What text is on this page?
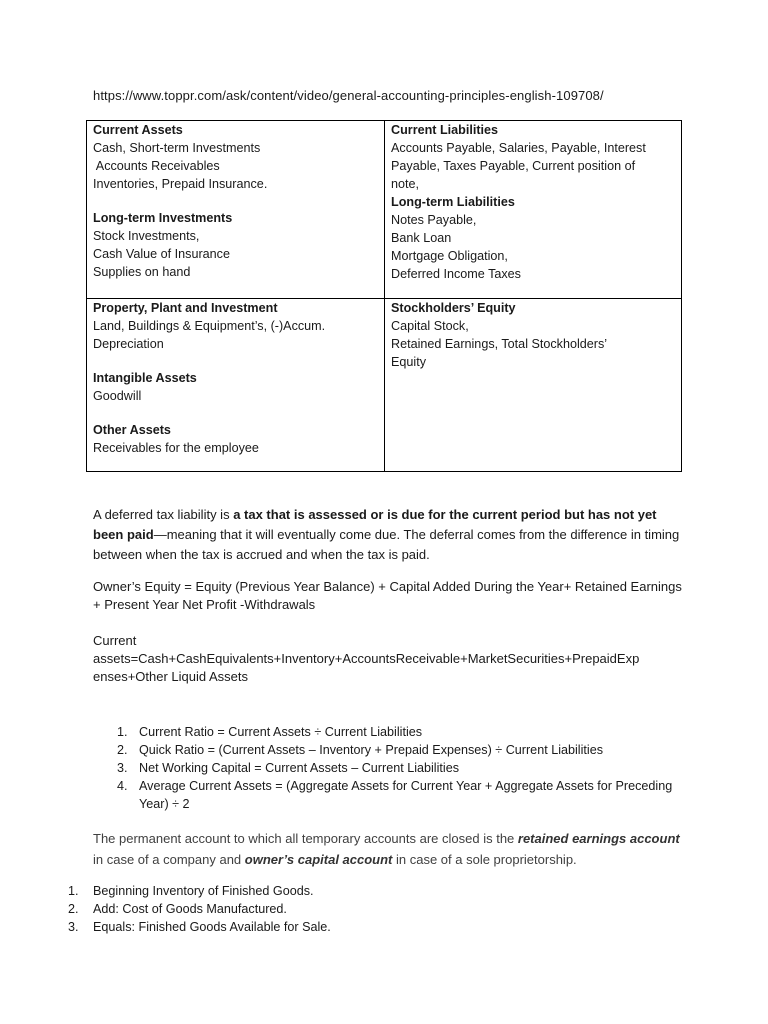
https://www.toppr.com/ask/content/video/general-accounting-principles-english-109708/
Current Assets
Cash, Short-term Investments
Accounts Receivables
Inventories, Prepaid Insurance.
Long-term Investments
Stock Investments,
Cash Value of Insurance
Supplies on hand
Current Liabilities
Accounts Payable, Salaries, Payable, Interest
Payable, Taxes Payable, Current position of
note,
Long-term Liabilities
Notes Payable,
Bank Loan
Mortgage Obligation,
Deferred Income Taxes
Property, Plant and Investment
Land, Buildings & Equipment’s, (-)Accum.
Depreciation
Intangible Assets
Goodwill
Other Assets
Receivables for the employee
Stockholders’ Equity
Capital Stock,
Retained Earnings, Total Stockholders’
Equity
A deferred tax liability is a tax that is assessed or is due for the current period but has not yet been paid—meaning that it will eventually come due. The deferral comes from the difference in timing between when the tax is accrued and when the tax is paid.
Owner’s Equity = Equity (Previous Year Balance) + Capital Added During the Year+ Retained Earnings + Present Year Net Profit -Withdrawals
Current
assets=Cash+CashEquivalents+Inventory+AccountsReceivable+MarketSecurities+PrepaidExp
enses+Other Liquid Assets
1. Current Ratio = Current Assets ÷ Current Liabilities
2. Quick Ratio = (Current Assets – Inventory + Prepaid Expenses) ÷ Current Liabilities
3. Net Working Capital = Current Assets – Current Liabilities
4. Average Current Assets = (Aggregate Assets for Current Year + Aggregate Assets for Preceding Year) ÷ 2
The permanent account to which all temporary accounts are closed is the retained earnings account in case of a company and owner’s capital account in case of a sole proprietorship.
1. Beginning Inventory of Finished Goods.
2. Add: Cost of Goods Manufactured.
3. Equals: Finished Goods Available for Sale.
